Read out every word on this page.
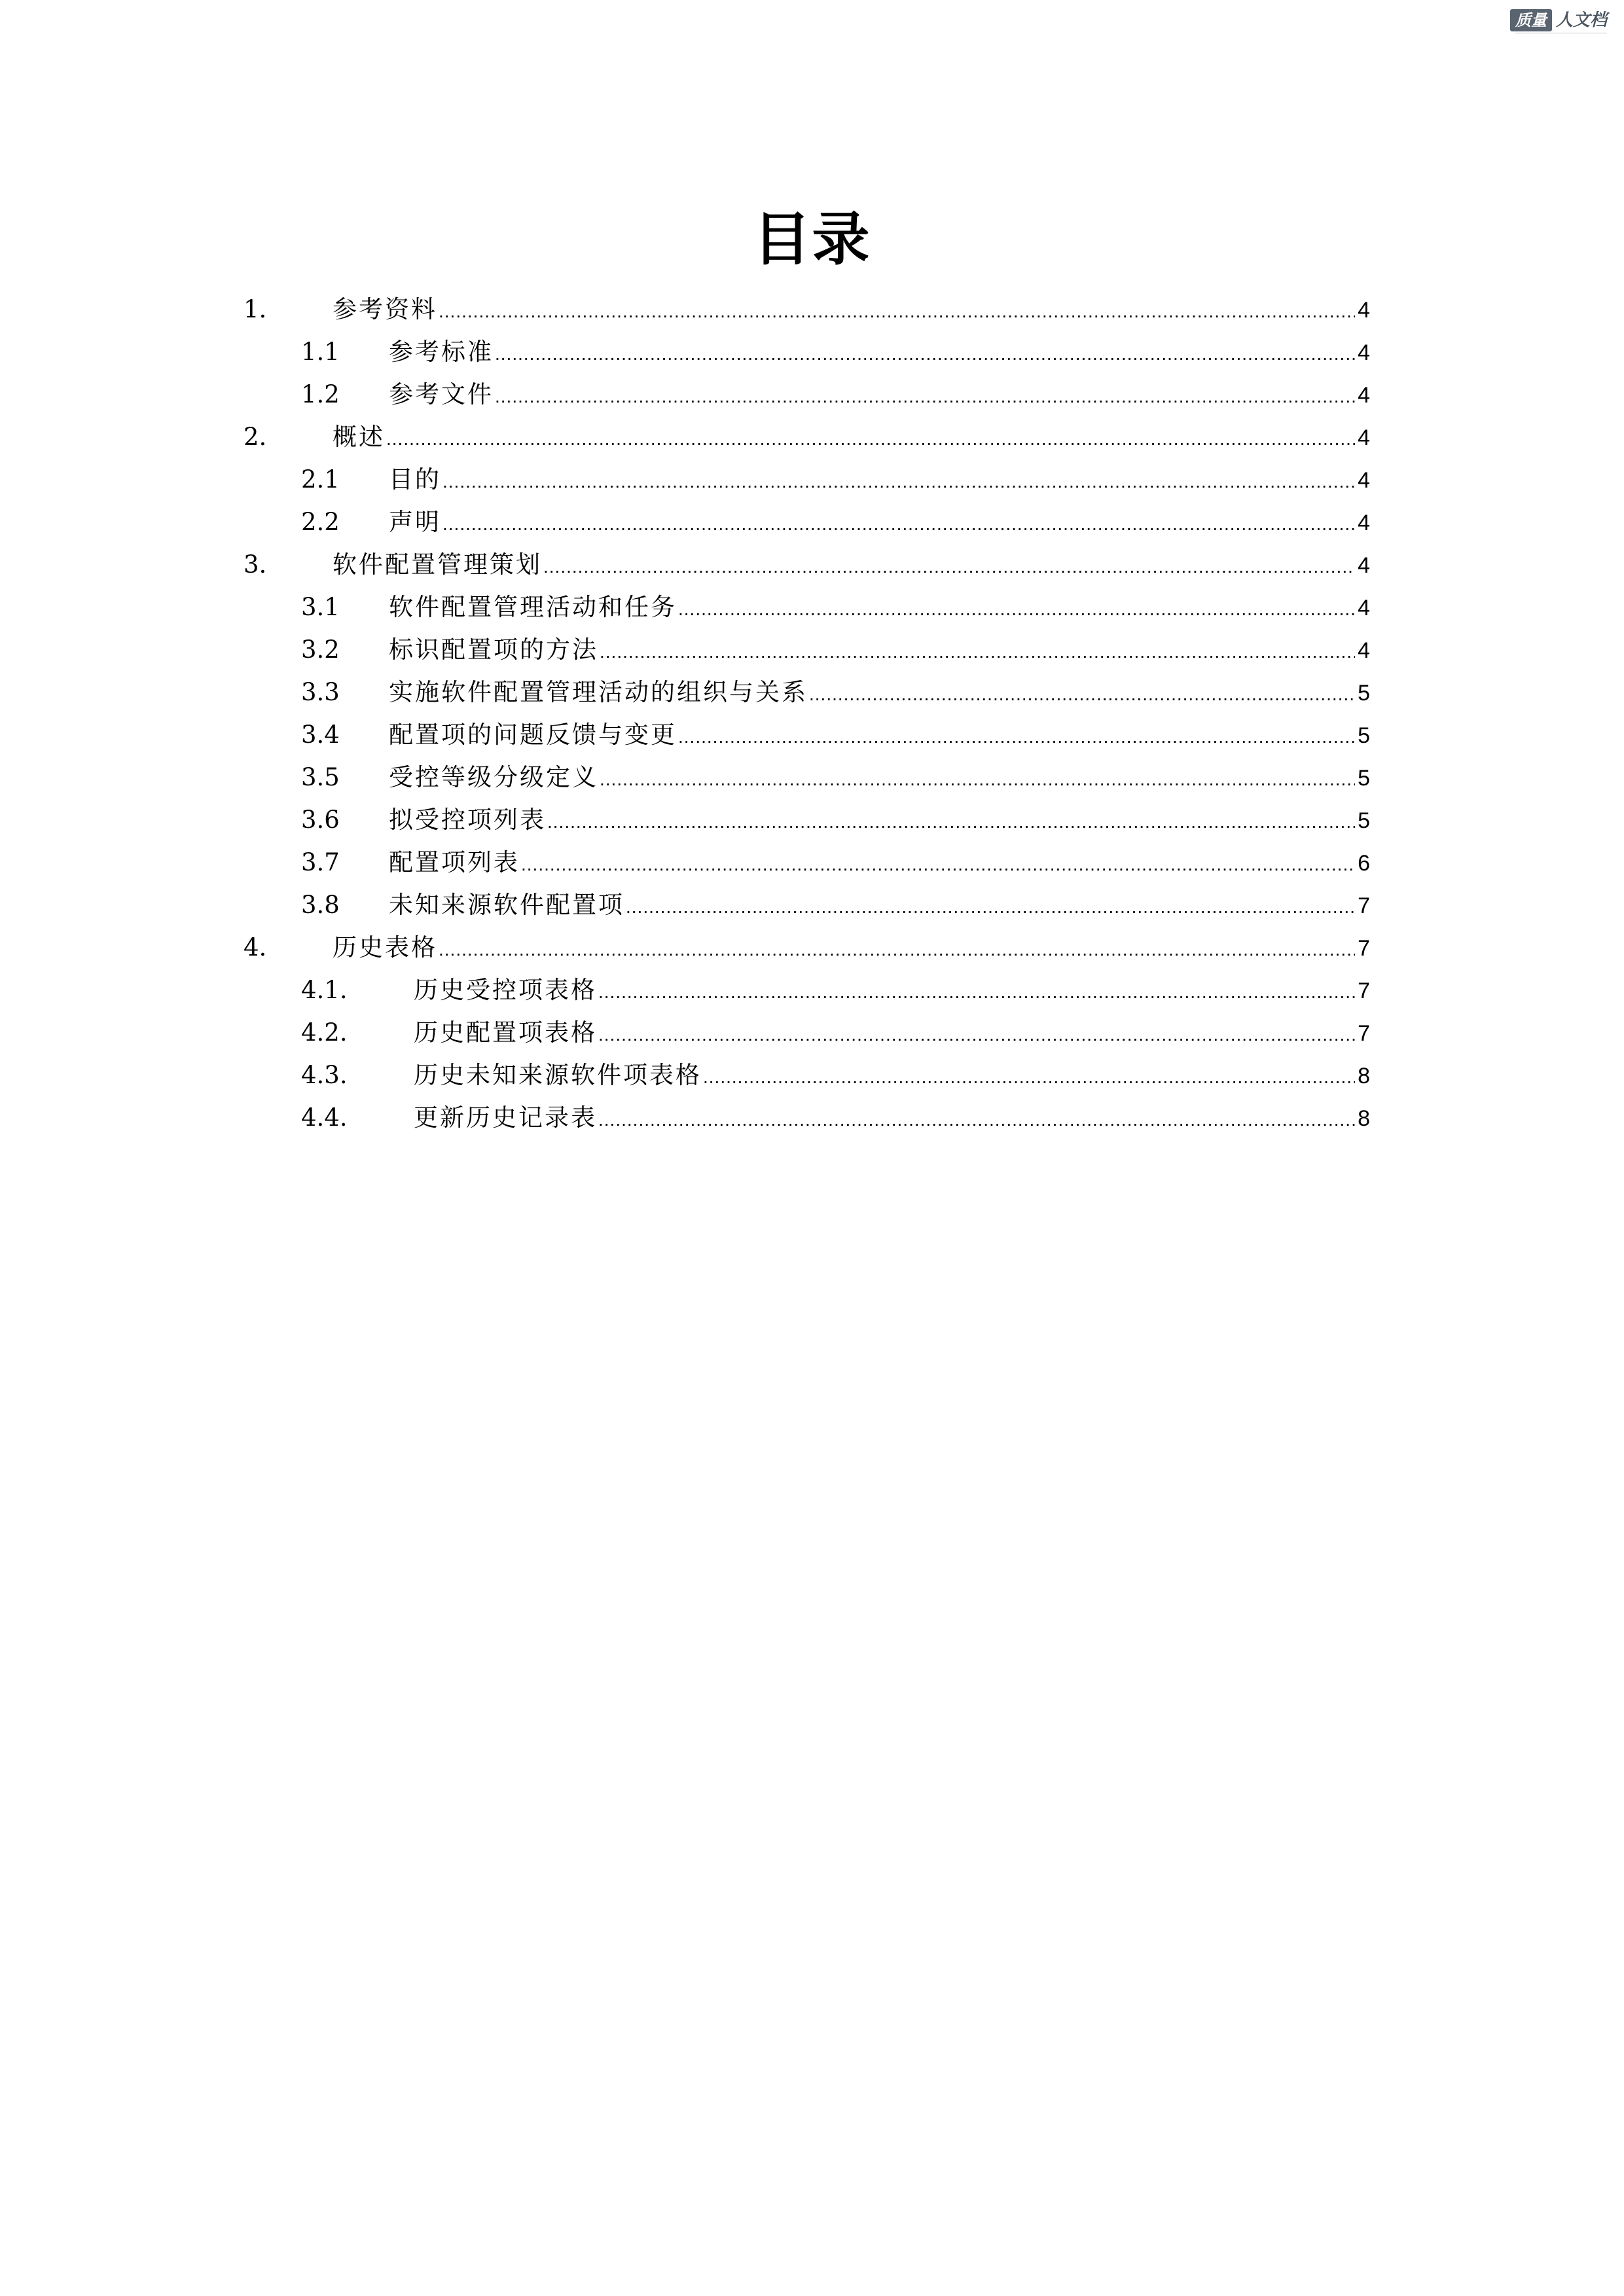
质量 人文档
目录
1.	参考资料 .....	4
1.1	参考标准 .....	4
1.2	参考文件 .....	4
2.	概述 .....	4
2.1	目的 .....	4
2.2	声明 .....	4
3.	软件配置管理策划 .....	4
3.1	软件配置管理活动和任务 .....	4
3.2	标识配置项的方法 .....	4
3.3	实施软件配置管理活动的组织与关系 .....	5
3.4	配置项的问题反馈与变更 .....	5
3.5	受控等级分级定义 .....	5
3.6	拟受控项列表 .....	5
3.7	配置项列表 .....	6
3.8	未知来源软件配置项 .....	7
4.	历史表格 .....	7
4.1.	历史受控项表格 .....	7
4.2.	历史配置项表格 .....	7
4.3.	历史未知来源软件项表格 .....	8
4.4.	更新历史记录表 .....	8
